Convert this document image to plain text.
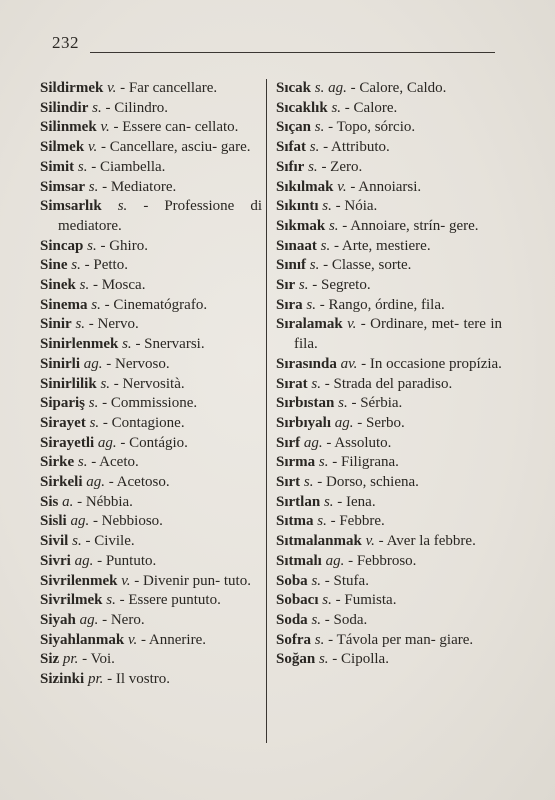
232
Sildirmek v. - Far cancellare.
Silindir s. - Cilindro.
Silinmek v. - Essere can- cellato.
Silmek v. - Cancellare, asciu- gare.
Simit s. - Ciambella.
Simsar s. - Mediatore.
Simsarlık s. - Professione di mediatore.
Sincap s. - Ghiro.
Sine s. - Petto.
Sinek s. - Mosca.
Sinema s. - Cinematógrafo.
Sinir s. - Nervo.
Sinirlenmek s. - Snervarsi.
Sinirli ag. - Nervoso.
Sinirlilik s. - Nervosità.
Sipariş s. - Commissione.
Sirayet s. - Contagione.
Sirayetli ag. - Contágio.
Sirke s. - Aceto.
Sirkeli ag. - Acetoso.
Sis a. - Nébbia.
Sisli ag. - Nebbioso.
Sivil s. - Civile.
Sivri ag. - Puntuto.
Sivrilenmek v. - Divenir pun- tuto.
Sivrilmek s. - Essere puntuto.
Siyah ag. - Nero.
Siyahlanmak v. - Annerire.
Siz pr. - Voi.
Sizinki pr. - Il vostro.
Sıcak s. ag. - Calore, Caldo.
Sıcaklık s. - Calore.
Sıçan s. - Topo, sórcio.
Sıfat s. - Attributo.
Sıfır s. - Zero.
Sıkılmak v. - Annoiarsi.
Sıkıntı s. - Nóia.
Sıkmak s. - Annoiare, strín- gere.
Sınaat s. - Arte, mestiere.
Sınıf s. - Classe, sorte.
Sır s. - Segreto.
Sıra s. - Rango, órdine, fila.
Sıralamak v. - Ordinare, met- tere in fila.
Sırasında av. - In occasione propízia.
Sırat s. - Strada del paradiso.
Sırbıstan s. - Sérbia.
Sırbıyalı ag. - Serbo.
Sırf ag. - Assoluto.
Sırma s. - Filigrana.
Sırt s. - Dorso, schiena.
Sırtlan s. - Iena.
Sıtma s. - Febbre.
Sıtmalanmak v. - Aver la febbre.
Sıtmalı ag. - Febbroso.
Soba s. - Stufa.
Sobacı s. - Fumista.
Soda s. - Soda.
Sofra s. - Távola per man- giare.
Soğan s. - Cipolla.
